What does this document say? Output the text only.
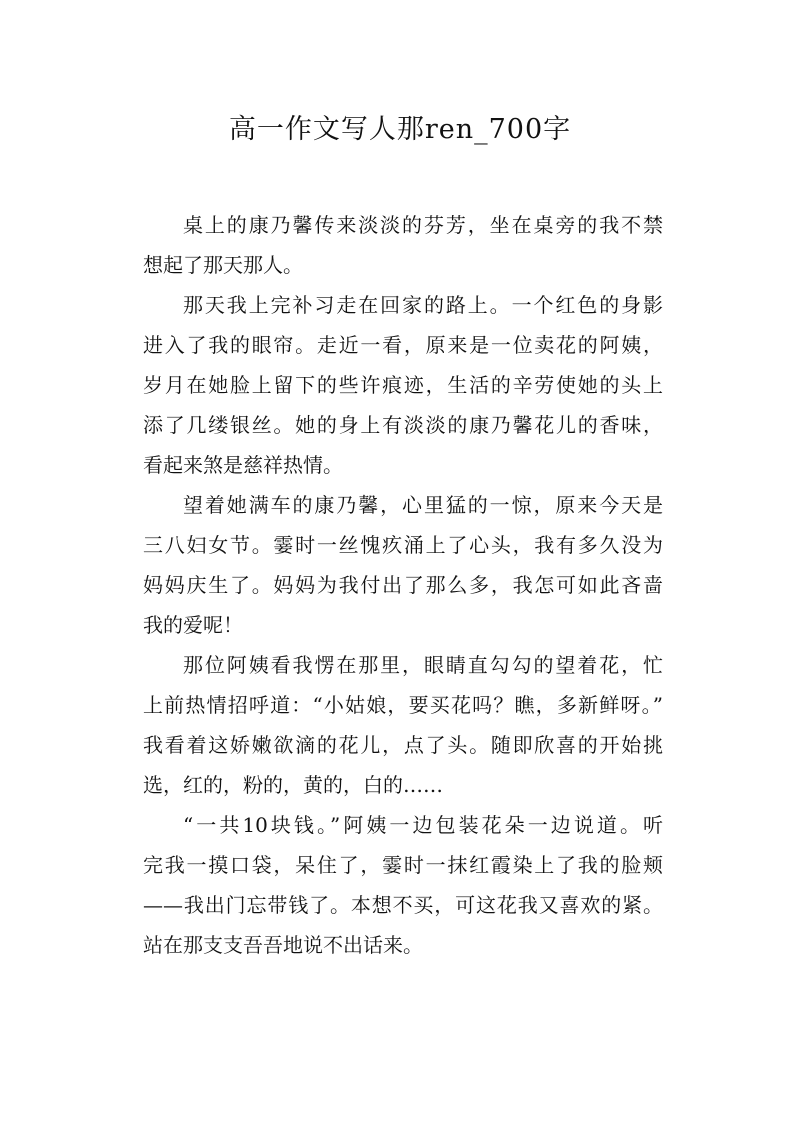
高一作文写人那ren_700字

桌上的康乃馨传来淡淡的芬芳，坐在桌旁的我不禁
想起了那天那人。

那天我上完补习走在回家的路上。一个红色的身影
进入了我的眼帘。走近一看，原来是一位卖花的阿姨，
岁月在她脸上留下的些许痕迹，生活的辛劳使她的头上
添了几缕银丝。她的身上有淡淡的康乃馨花儿的香味，
看起来煞是慈祥热情。

望着她满车的康乃馨，心里猛的一惊，原来今天是
三八妇女节。霎时一丝愧疚涌上了心头，我有多久没为
妈妈庆生了。妈妈为我付出了那么多，我怎可如此吝啬
我的爱呢！

那位阿姨看我愣在那里，眼睛直勾勾的望着花，忙
上前热情招呼道：“小姑娘，要买花吗？瞧，多新鲜呀。”
我看着这娇嫩欲滴的花儿，点了头。随即欣喜的开始挑
选，红的，粉的，黄的，白的……

“一共10块钱。”阿姨一边包装花朵一边说道。听
完我一摸口袋，呆住了，霎时一抹红霞染上了我的脸颊
——我出门忘带钱了。本想不买，可这花我又喜欢的紧。
站在那支支吾吾地说不出话来。
